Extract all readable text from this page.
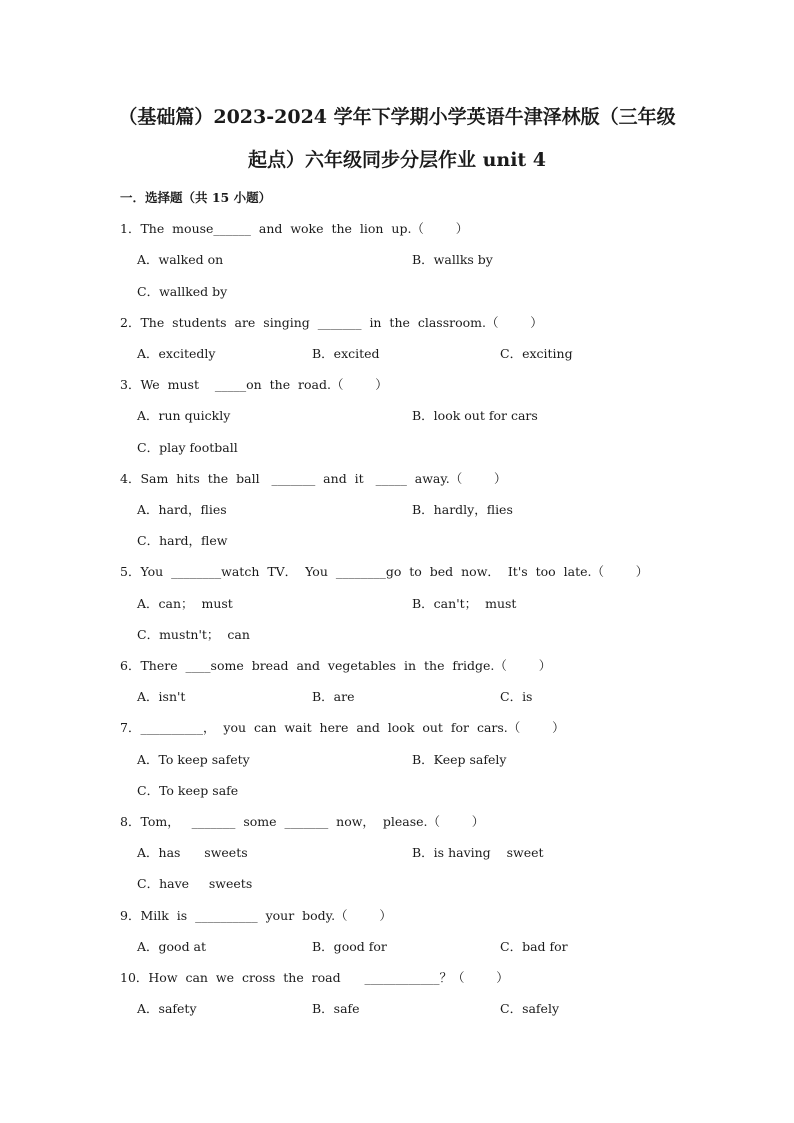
（基础篇）2023-2024 学年下学期小学英语牛津泽林版（三年级
起点）六年级同步分层作业 unit 4
一．选择题（共 15 小题）
1．The  mouse______  and  woke  the  lion  up.（        ）
A．walked on	B．wallks by
C．wallked by
2．The  students  are  singing  _______  in  the  classroom.（        ）
A．excitedly	B．excited	C．exciting
3．We  must    _____on  the  road.（        ）
A．run quickly	B．look out for cars
C．play football
4．Sam  hits  the  ball   _______  and  it   _____  away.（        ）
A．hard，flies	B．hardly，flies
C．hard，flew
5．You  ________watch  TV．  You  ________go  to  bed  now．  It's  too  late.（        ）
A．can；  must	B．can't；  must
C．mustn't；  can
6．There  ____some  bread  and  vegetables  in  the  fridge.（        ）
A．isn't	B．are	C．is
7．__________，  you  can  wait  here  and  look  out  for  cars.（        ）
A．To keep safety	B．Keep safely
C．To keep safe
8．Tom，   _______  some  _______  now，  please.（        ）
A．has      sweets	B．is having    sweet
C．have     sweets
9．Milk  is  __________  your  body.（        ）
A．good at	B．good for	C．bad for
10．How  can  we  cross  the  road      ____________？（        ）
A．safety	B．safe	C．safely
